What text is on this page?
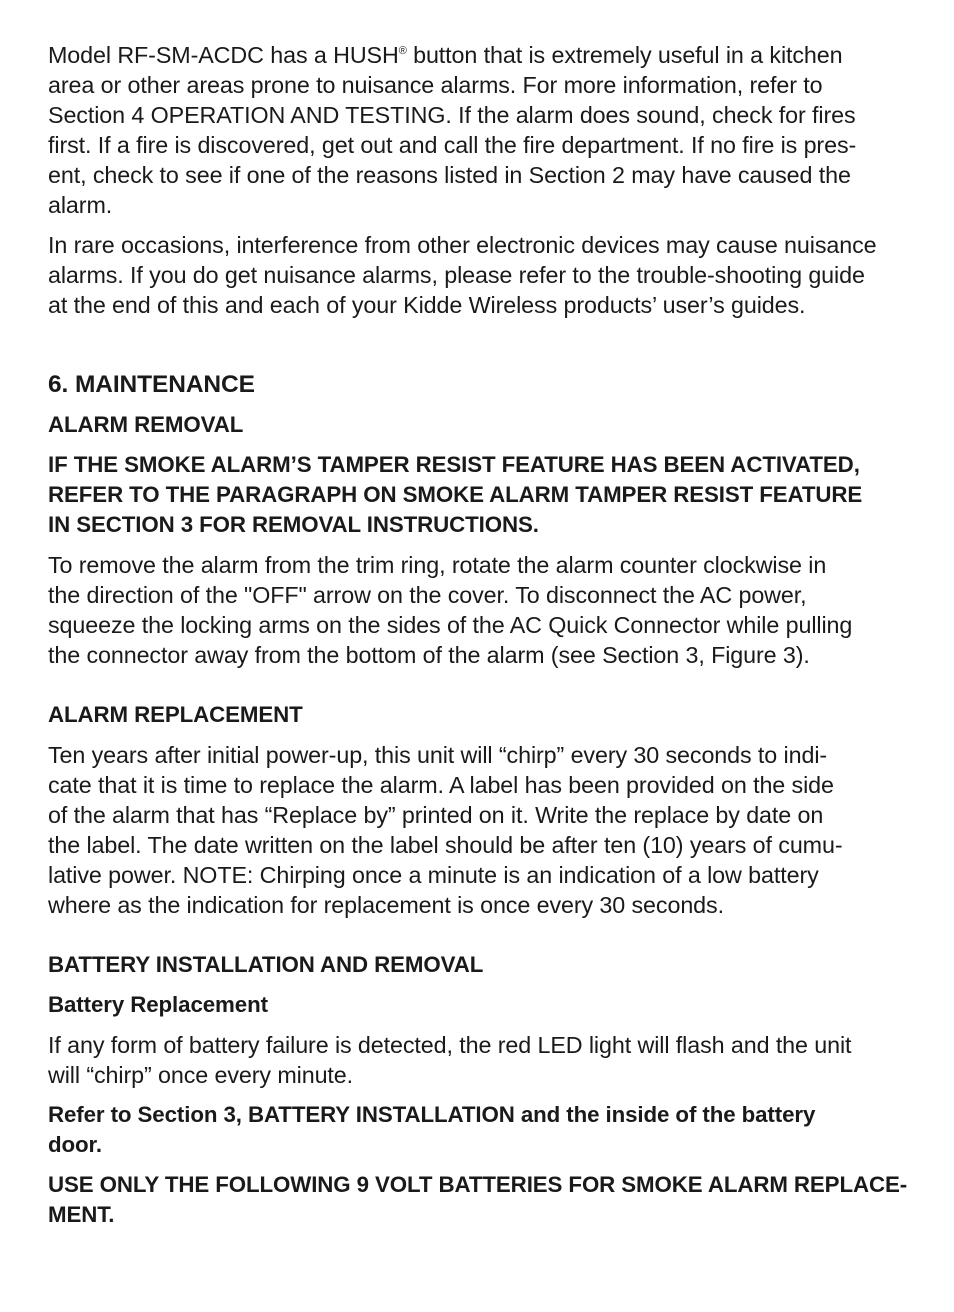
Model RF-SM-ACDC has a HUSH® button that is extremely useful in a kitchen
area or other areas prone to nuisance alarms. For more information, refer to
Section 4 OPERATION AND TESTING. If the alarm does sound, check for fires
first. If a fire is discovered, get out and call the fire department. If no fire is pres-
ent, check to see if one of the reasons listed in Section 2 may have caused the
alarm.

In rare occasions, interference from other electronic devices may cause nuisance
alarms. If you do get nuisance alarms, please refer to the trouble-shooting guide
at the end of this and each of your Kidde Wireless products’ user’s guides.

6. MAINTENANCE

ALARM REMOVAL

IF THE SMOKE ALARM’S TAMPER RESIST FEATURE HAS BEEN ACTIVATED,
REFER TO THE PARAGRAPH ON SMOKE ALARM TAMPER RESIST FEATURE
IN SECTION 3 FOR REMOVAL INSTRUCTIONS.

To remove the alarm from the trim ring, rotate the alarm counter clockwise in
the direction of the "OFF" arrow on the cover. To disconnect the AC power,
squeeze the locking arms on the sides of the AC Quick Connector while pulling
the connector away from the bottom of the alarm (see Section 3, Figure 3).

ALARM REPLACEMENT

Ten years after initial power-up, this unit will “chirp” every 30 seconds to indi-
cate that it is time to replace the alarm. A label has been provided on the side
of the alarm that has “Replace by” printed on it. Write the replace by date on
the label. The date written on the label should be after ten (10) years of cumu-
lative power. NOTE: Chirping once a minute is an indication of a low battery
where as the indication for replacement is once every 30 seconds.

BATTERY INSTALLATION AND REMOVAL

Battery Replacement

If any form of battery failure is detected, the red LED light will flash and the unit
will “chirp” once every minute.

Refer to Section 3, BATTERY INSTALLATION and the inside of the battery
door.

USE ONLY THE FOLLOWING 9 VOLT BATTERIES FOR SMOKE ALARM REPLACE-
MENT.
